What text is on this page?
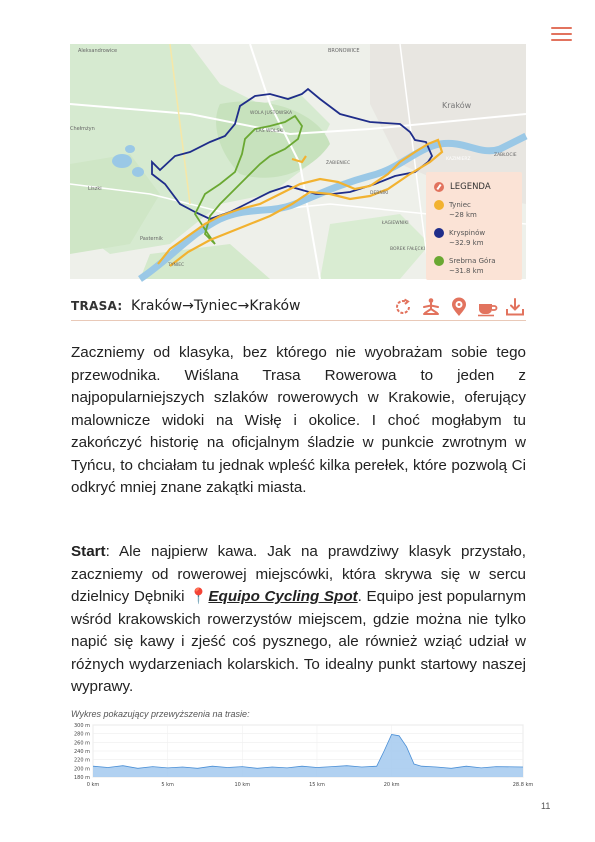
Aleksandrowice	BRONOWICE
WOLA JUSTOWSKA
LAS WOLSKI
Kraków
KAZIMIERZ
ZABŁOCIE
Chełmżyn
Liszki
TYNIEC
Pasternik
ŻABIENIEC
DĘBNIKI
ŁAGIEWNIKI
BOREK FAŁĘCKI
LEGENDA
Tyniec
~28 km
Kryspinów
~32.9 km
Srebrna Góra
~31.8 km
TRASA: Kraków→Tyniec→Kraków
Zaczniemy od klasyka, bez którego nie wyobrażam sobie tego przewodnika. Wiślana Trasa Rowerowa to jeden z najpopularniejszych szlaków rowerowych w Krakowie, oferujący malownicze widoki na Wisłę i okolice. I choć mogłabym tu zakończyć historię na oficjalnym śladzie w punkcie zwrotnym w Tyńcu, to chciałam tu jednak wpleść kilka perełek, które pozwolą Ci odkryć mniej znane zakątki miasta.
Start: Ale najpierw kawa. Jak na prawdziwy klasyk przystało, zaczniemy od rowerowej miejscówki, która skrywa się w sercu dzielnicy Dębniki 📍Equipo Cycling Spot. Equipo jest popularnym wśród krakowskich rowerzystów miejscem, gdzie można nie tylko napić się kawy i zjeść coś pysznego, ale również wziąć udział w różnych wydarzeniach kolarskich. To idealny punkt startowy naszej wyprawy.
Wykres pokazujący przewyższenia na trasie:
300 m
280 m
260 m
240 m
220 m
200 m
180 m
0 km	5 km	10 km	15 km	20 km	28.8 km
11
